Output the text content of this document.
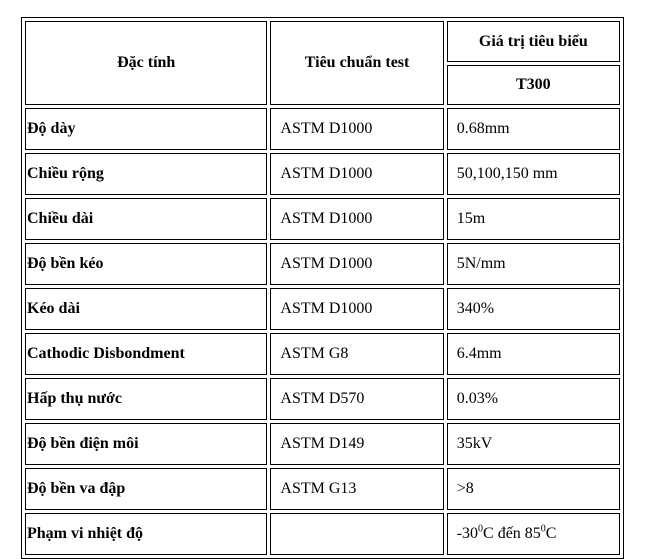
Đặc tính	Tiêu chuẩn test	Giá trị tiêu biểu
		T300
Độ dày	ASTM D1000	0.68mm
Chiều rộng	ASTM D1000	50,100,150 mm
Chiều dài	ASTM D1000	15m
Độ bền kéo	ASTM D1000	5N/mm
Kéo dài	ASTM D1000	340%
Cathodic Disbondment	ASTM G8	6.4mm
Hấp thụ nước	ASTM D570	0.03%
Độ bền điện môi	ASTM D149	35kV
Độ bền va đập	ASTM G13	>8
Phạm vi nhiệt độ		$-30^0C$ đến $85^0C$
